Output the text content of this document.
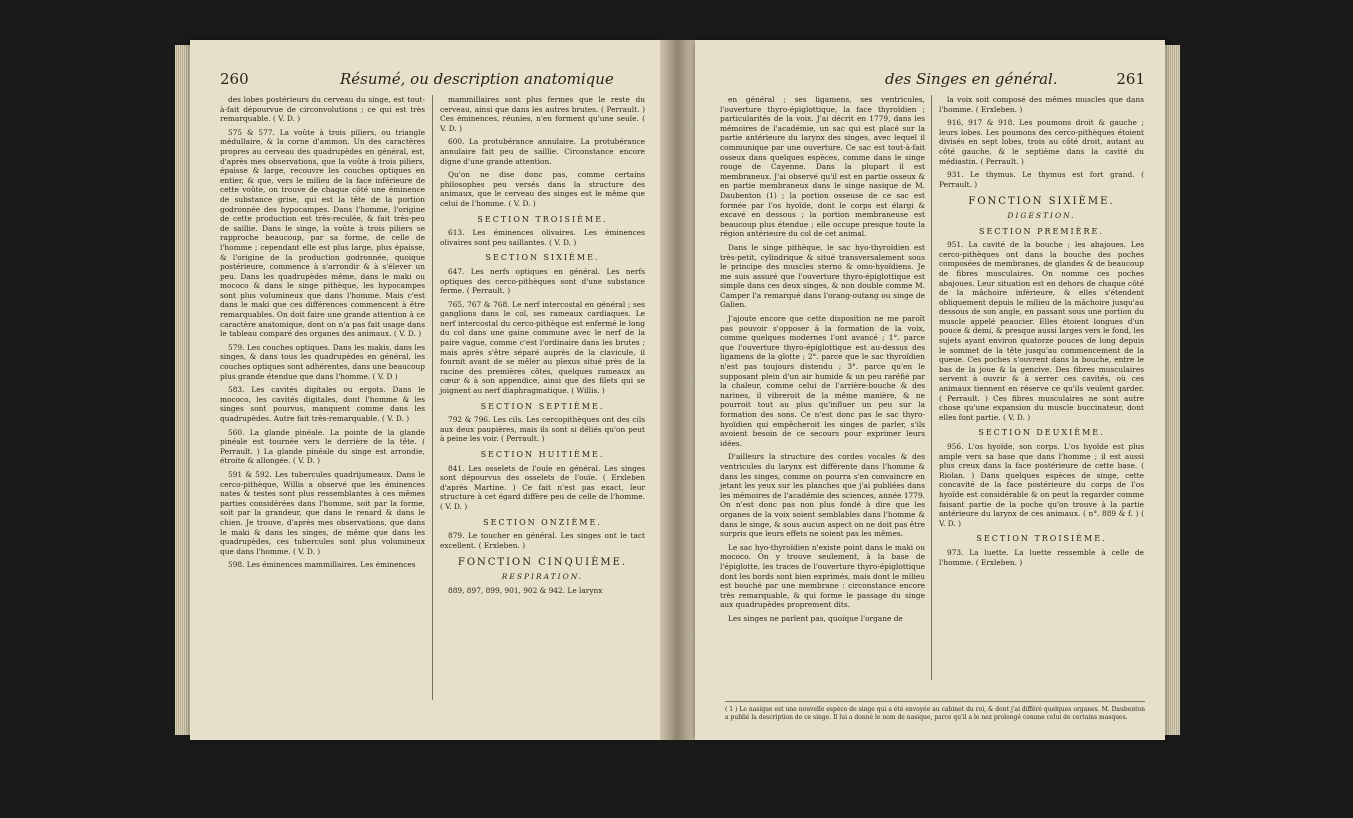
260	Résumé, ou description anatomique

des lobes postérieurs du cerveau du singe, est tout-à-fait dépourvue de circonvolutions ; ce qui est très remarquable. ( V. D. )

575 & 577. La voûte à trois piliers, ou triangle médullaire, & la corne d'ammon. Un des caractères propres au cerveau des quadrupèdes en général, est, d'après mes observations, que la voûte à trois piliers, épaisse & large, recouvre les couches optiques en entier, & que, vers le milieu de la face inférieure de cette voûte, on trouve de chaque côté une éminence de substance grise, qui est la tête de la portion godronnée des hypocampes. Dans l'homme, l'origine de cette production est très-reculée, & fait très-peu de saillie. Dans le singe, la voûte à trois piliers se rapproche beaucoup, par sa forme, de celle de l'homme ; cependant elle est plus large, plus épaisse, & l'origine de la production godronnée, quoique postérieure, commence à s'arrondir & à s'élever un peu. Dans les quadrupèdes même, dans le maki ou mococo & dans le singe pithèque, les hypocampes sont plus volumineux que dans l'homme. Mais c'est dans le maki que ces différences commencent à être remarquables. On doit faire une grande attention à ce caractère anatomique, dont on n'a pas fait usage dans le tableau comparé des organes des animaux. ( V. D. )

579. Les couches optiques. Dans les makis, dans les singes, & dans tous les quadrupèdes en général, les couches optiques sont adhérentes, dans une beaucoup plus grande étendue que dans l'homme. ( V. D )

583. Les cavités digitales ou ergots. Dans le mococo, les cavités digitales, dont l'homme & les singes sont pourvus, manquent comme dans les quadrupèdes. Autre fait très-remarquable. ( V. D. )

560. La glande pinéale. La pointe de la glande pinéale est tournée vers le derrière de la tête. ( Perrault. ) La glande pinéale du singe est arrondie, étroite & allongée. ( V. D. )

591 & 592. Les tubercules quadrijumeaux. Dans le cerco-pithèque, Willis a observé que les éminences nates & testes sont plus ressemblantes à ces mêmes parties considérées dans l'homme, soit par la forme, soit par la grandeur, que dans le renard & dans le chien. Je trouve, d'après mes observations, que dans le maki & dans les singes, de même que dans les quadrupèdes, ces tubercules sont plus volumineux que dans l'homme. ( V. D. )

598. Les éminences mammillaires. Les éminences

mammillaires sont plus fermes que le reste du cerveau, ainsi que dans les autres brutes. ( Perrault. ) Ces éminences, réunies, n'en forment qu'une seule. ( V. D. )

600. La protubérance annulaire. La protubérance annulaire fait peu de saillie. Circonstance encore digne d'une grande attention.

Qu'on ne dise donc pas, comme certains philosophes peu versés dans la structure des animaux, que le cerveau des singes est le même que celui de l'homme. ( V. D. )

SECTION TROISIÈME.

613. Les éminences olivaires. Les éminences olivaires sont peu saillantes. ( V. D. )

SECTION SIXIÈME.

647. Les nerfs optiques en général. Les nerfs optiques des cerco-pithèques sont d'une substance ferme. ( Perrault. )

765, 767 & 768. Le nerf intercostal en général ; ses ganglions dans le col, ses rameaux cardiaques. Le nerf intercostal du cerco-pithèque est enfermé le long du col dans une gaine commune avec le nerf de la paire vague, comme c'est l'ordinaire dans les brutes ; mais après s'être séparé auprès de la clavicule, il fournit avant de se mêler au plexus situé près de la racine des premières côtes, quelques rameaux au cœur & à son appendice, ainsi que des filets qui se joignent au nerf diaphragmatique. ( Willis. )

SECTION SEPTIÈME.

792 & 796. Les cils. Les cercopithèques ont des cils aux deux paupières, mais ils sont si déliés qu'on peut à peine les voir. ( Perrault. )

SECTION HUITIÈME.

841. Les osselets de l'ouïe en général. Les singes sont dépourvus des osselets de l'ouïe. ( Erxleben d'après Martine. ) Ce fait n'est pas exact, leur structure à cet égard diffère peu de celle de l'homme. ( V. D. )

SECTION ONZIÈME.

879. Le toucher en général. Les singes ont le tact excellent. ( Erxleben. )

FONCTION CINQUIÈME.

RESPIRATION.

889, 897, 899, 901, 902 & 942. Le larynx

des Singes en général.	261

en général ; ses ligamens, ses ventricules, l'ouverture thyro-épiglottique, la face thyroïdien ; particularités de la voix. J'ai décrit en 1779, dans les mémoires de l'académie, un sac qui est placé sur la partie antérieure du larynx des singes, avec lequel il communique par une ouverture. Ce sac est tout-à-fait osseux dans quelques espèces, comme dans le singe rouge de Cayenne. Dans la plupart il est membraneux. J'ai observé qu'il est en partie osseux & en partie membraneux dans le singe nasique de M. Daubenton (1) ; la portion osseuse de ce sac est formée par l'os hyoïde, dont le corps est élargi & excavé en dessous ; la portion membraneuse est beaucoup plus étendue ; elle occupe presque toute la région antérieure du col de cet animal.

Dans le singe pithèque, le sac hyo-thyroïdien est très-petit, cylindrique & situé transversalement sous le principe des muscles sterno & omo-hyoïdiens. Je me suis assuré que l'ouverture thyro-épiglottique est simple dans ces deux singes, & non double comme M. Camper l'a remarqué dans l'orang-outang ou singe de Galien.

J'ajoute encore que cette disposition ne me paroît pas pouvoir s'opposer à la formation de la voix, comme quelques modernes l'ont avancé ; 1°. parce que l'ouverture thyro-épiglottique est au-dessus des ligamens de la glotte ; 2°. parce que le sac thyroïdien n'est pas toujours distendu ; 3°. parce qu'en le supposant plein d'un air humide & un peu raréfié par la chaleur, comme celui de l'arrière-bouche & des narines, il vibreroit de la même manière, & ne pourroit tout au plus qu'influer un peu sur la formation des sons. Ce n'est donc pas le sac thyro-hyoïdien qui empêcheroit les singes de parler, s'ils avoient besoin de ce secours pour exprimer leurs idées.

D'ailleurs la structure des cordes vocales & des ventricules du larynx est différente dans l'homme & dans les singes, comme on pourra s'en convaincre en jetant les yeux sur les planches que j'ai publiées dans les mémoires de l'académie des sciences, année 1779. On n'est donc pas non plus fondé à dire que les organes de la voix soient semblables dans l'homme & dans le singe, & sous aucun aspect on ne doit pas être surpris que leurs effets ne soient pas les mêmes.

Le sac hyo-thyroïdien n'existe point dans le maki ou mococo. On y trouve seulement, à la base de l'épiglotte, les traces de l'ouverture thyro-épiglottique dont les bords sont bien exprimés, mais dont le milieu est bouché par une membrane : circonstance encore très remarquable, & qui forme le passage du singe aux quadrupèdes proprement dits.

Les singes ne parlent pas, quoique l'organe de

la voix soit composé des mêmes muscles que dans l'homme. ( Erxleben. )

916, 917 & 918. Les poumons droit & gauche ; leurs lobes. Les poumons des cerco-pithèques étoient divisés en sept lobes, trois au côté droit, autant au côté gauche, & le septième dans la cavité du médiastin. ( Perrault. )

931. Le thymus. Le thymus est fort grand. ( Perrault. )

FONCTION SIXIÈME.

DIGESTION.

SECTION PREMIÈRE.

951. La cavité de la bouche ; les abajoues. Les cerco-pithèques ont dans la bouche des poches composées de membranes, de glandes & de beaucoup de fibres musculaires. On nomme ces poches abajoues. Leur situation est en dehors de chaque côté de la mâchoire inférieure, & elles s'étendent obliquement depuis le milieu de la mâchoire jusqu'au dessous de son angle, en passant sous une portion du muscle appelé peaucier. Elles étoient longues d'un pouce & demi, & presque aussi larges vers le fond, les sujets ayant environ quatorze pouces de long depuis le sommet de la tête jusqu'au commencement de la queue. Ces poches s'ouvrent dans la bouche, entre le bas de la joue & la gencive. Des fibres musculaires servent à ouvrir & à serrer ces cavités, où ces animaux tiennent en réserve ce qu'ils veulent garder. ( Perrault. ) Ces fibres musculaires ne sont autre chose qu'une expansion du muscle buccinateur, dont elles font partie. ( V. D. )

SECTION DEUXIÈME.

956. L'os hyoïde, son corps. L'os hyoïde est plus ample vers sa base que dans l'homme ; il est aussi plus creux dans la face postérieure de cette base. ( Riolan. ) Dans quelques espèces de singe, cette concavité de la face postérieure du corps de l'os hyoïde est considérable & on peut la regarder comme faisant partie de la poche qu'on trouve à la partie antérieure du larynx de ces animaux. ( n°. 889 & f. ) ( V. D. )

SECTION TROISIÈME.

973. La luette. La luette ressemble à celle de l'homme. ( Erxleben. )

( 1 ) Le nasique est une nouvelle espèce de singe qui a été envoyée au cabinet du roi, & dont j'ai différé quelques organes. M. Daubenton a publié la description de ce singe. Il lui a donné le nom de nasique, parce qu'il a le nez prolongé comme celui de certains masques.
